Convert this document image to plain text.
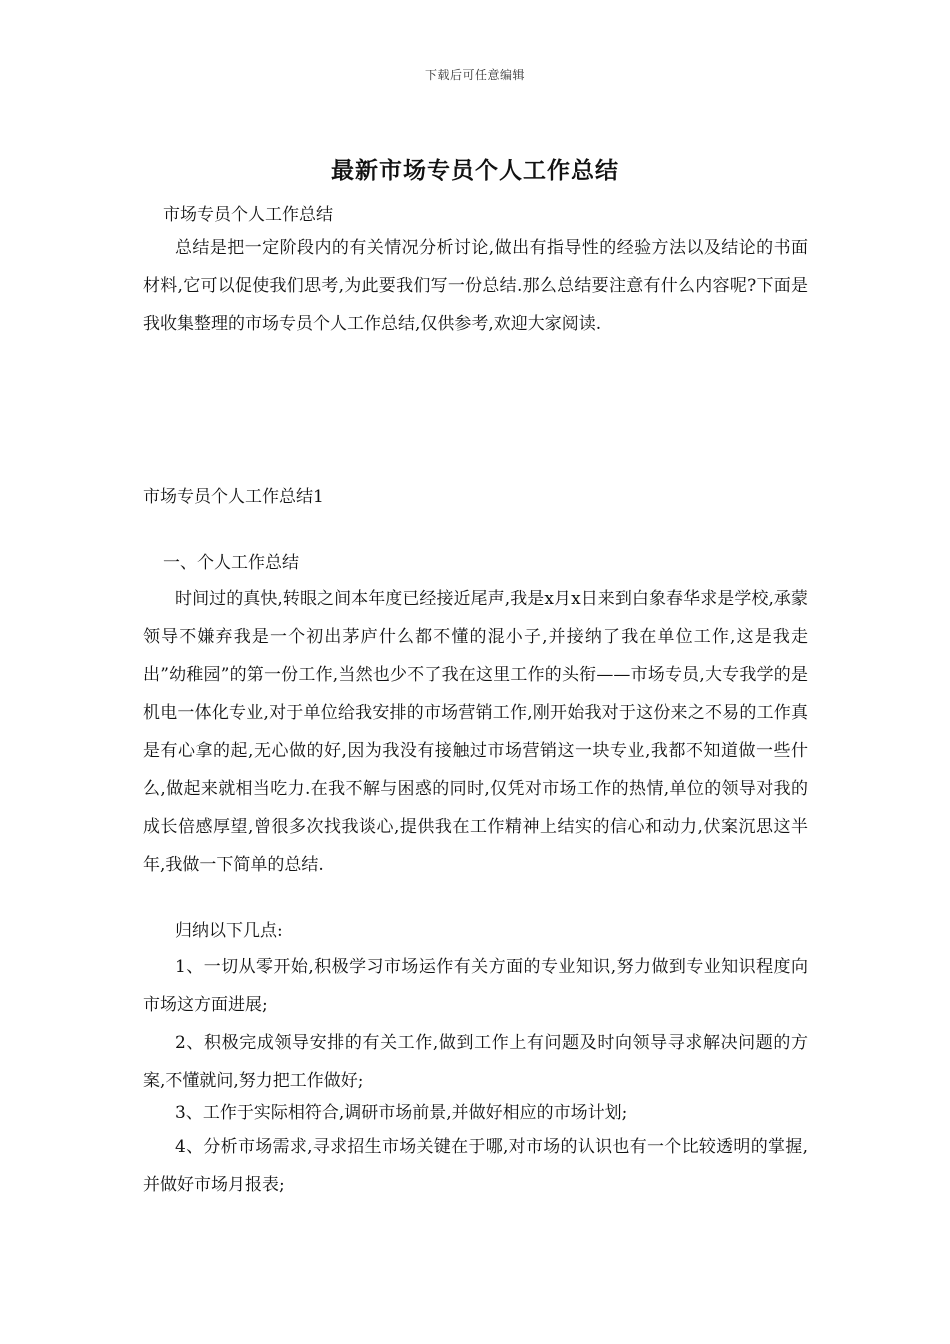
下载后可任意编辑
最新市场专员个人工作总结

市场专员个人工作总结

总结是把一定阶段内的有关情况分析讨论,做出有指导性的经验方法以及结论的书面材料,它可以促使我们思考,为此要我们写一份总结.那么总结要注意有什么内容呢?下面是我收集整理的市场专员个人工作总结,仅供参考,欢迎大家阅读.

市场专员个人工作总结1

一、个人工作总结

时间过的真快,转眼之间本年度已经接近尾声,我是x月x日来到白象春华求是学校,承蒙领导不嫌弃我是一个初出茅庐什么都不懂的混小子,并接纳了我在单位工作,这是我走出”幼稚园”的第一份工作,当然也少不了我在这里工作的头衔——市场专员,大专我学的是机电一体化专业,对于单位给我安排的市场营销工作,刚开始我对于这份来之不易的工作真是有心拿的起,无心做的好,因为我没有接触过市场营销这一块专业,我都不知道做一些什么,做起来就相当吃力.在我不解与困惑的同时,仅凭对市场工作的热情,单位的领导对我的成长倍感厚望,曾很多次找我谈心,提供我在工作精神上结实的信心和动力,伏案沉思这半年,我做一下简单的总结.

归纳以下几点:

1、一切从零开始,积极学习市场运作有关方面的专业知识,努力做到专业知识程度向市场这方面进展;

2、积极完成领导安排的有关工作,做到工作上有问题及时向领导寻求解决问题的方案,不懂就问,努力把工作做好;

3、工作于实际相符合,调研市场前景,并做好相应的市场计划;

4、分析市场需求,寻求招生市场关键在于哪,对市场的认识也有一个比较透明的掌握,并做好市场月报表;
